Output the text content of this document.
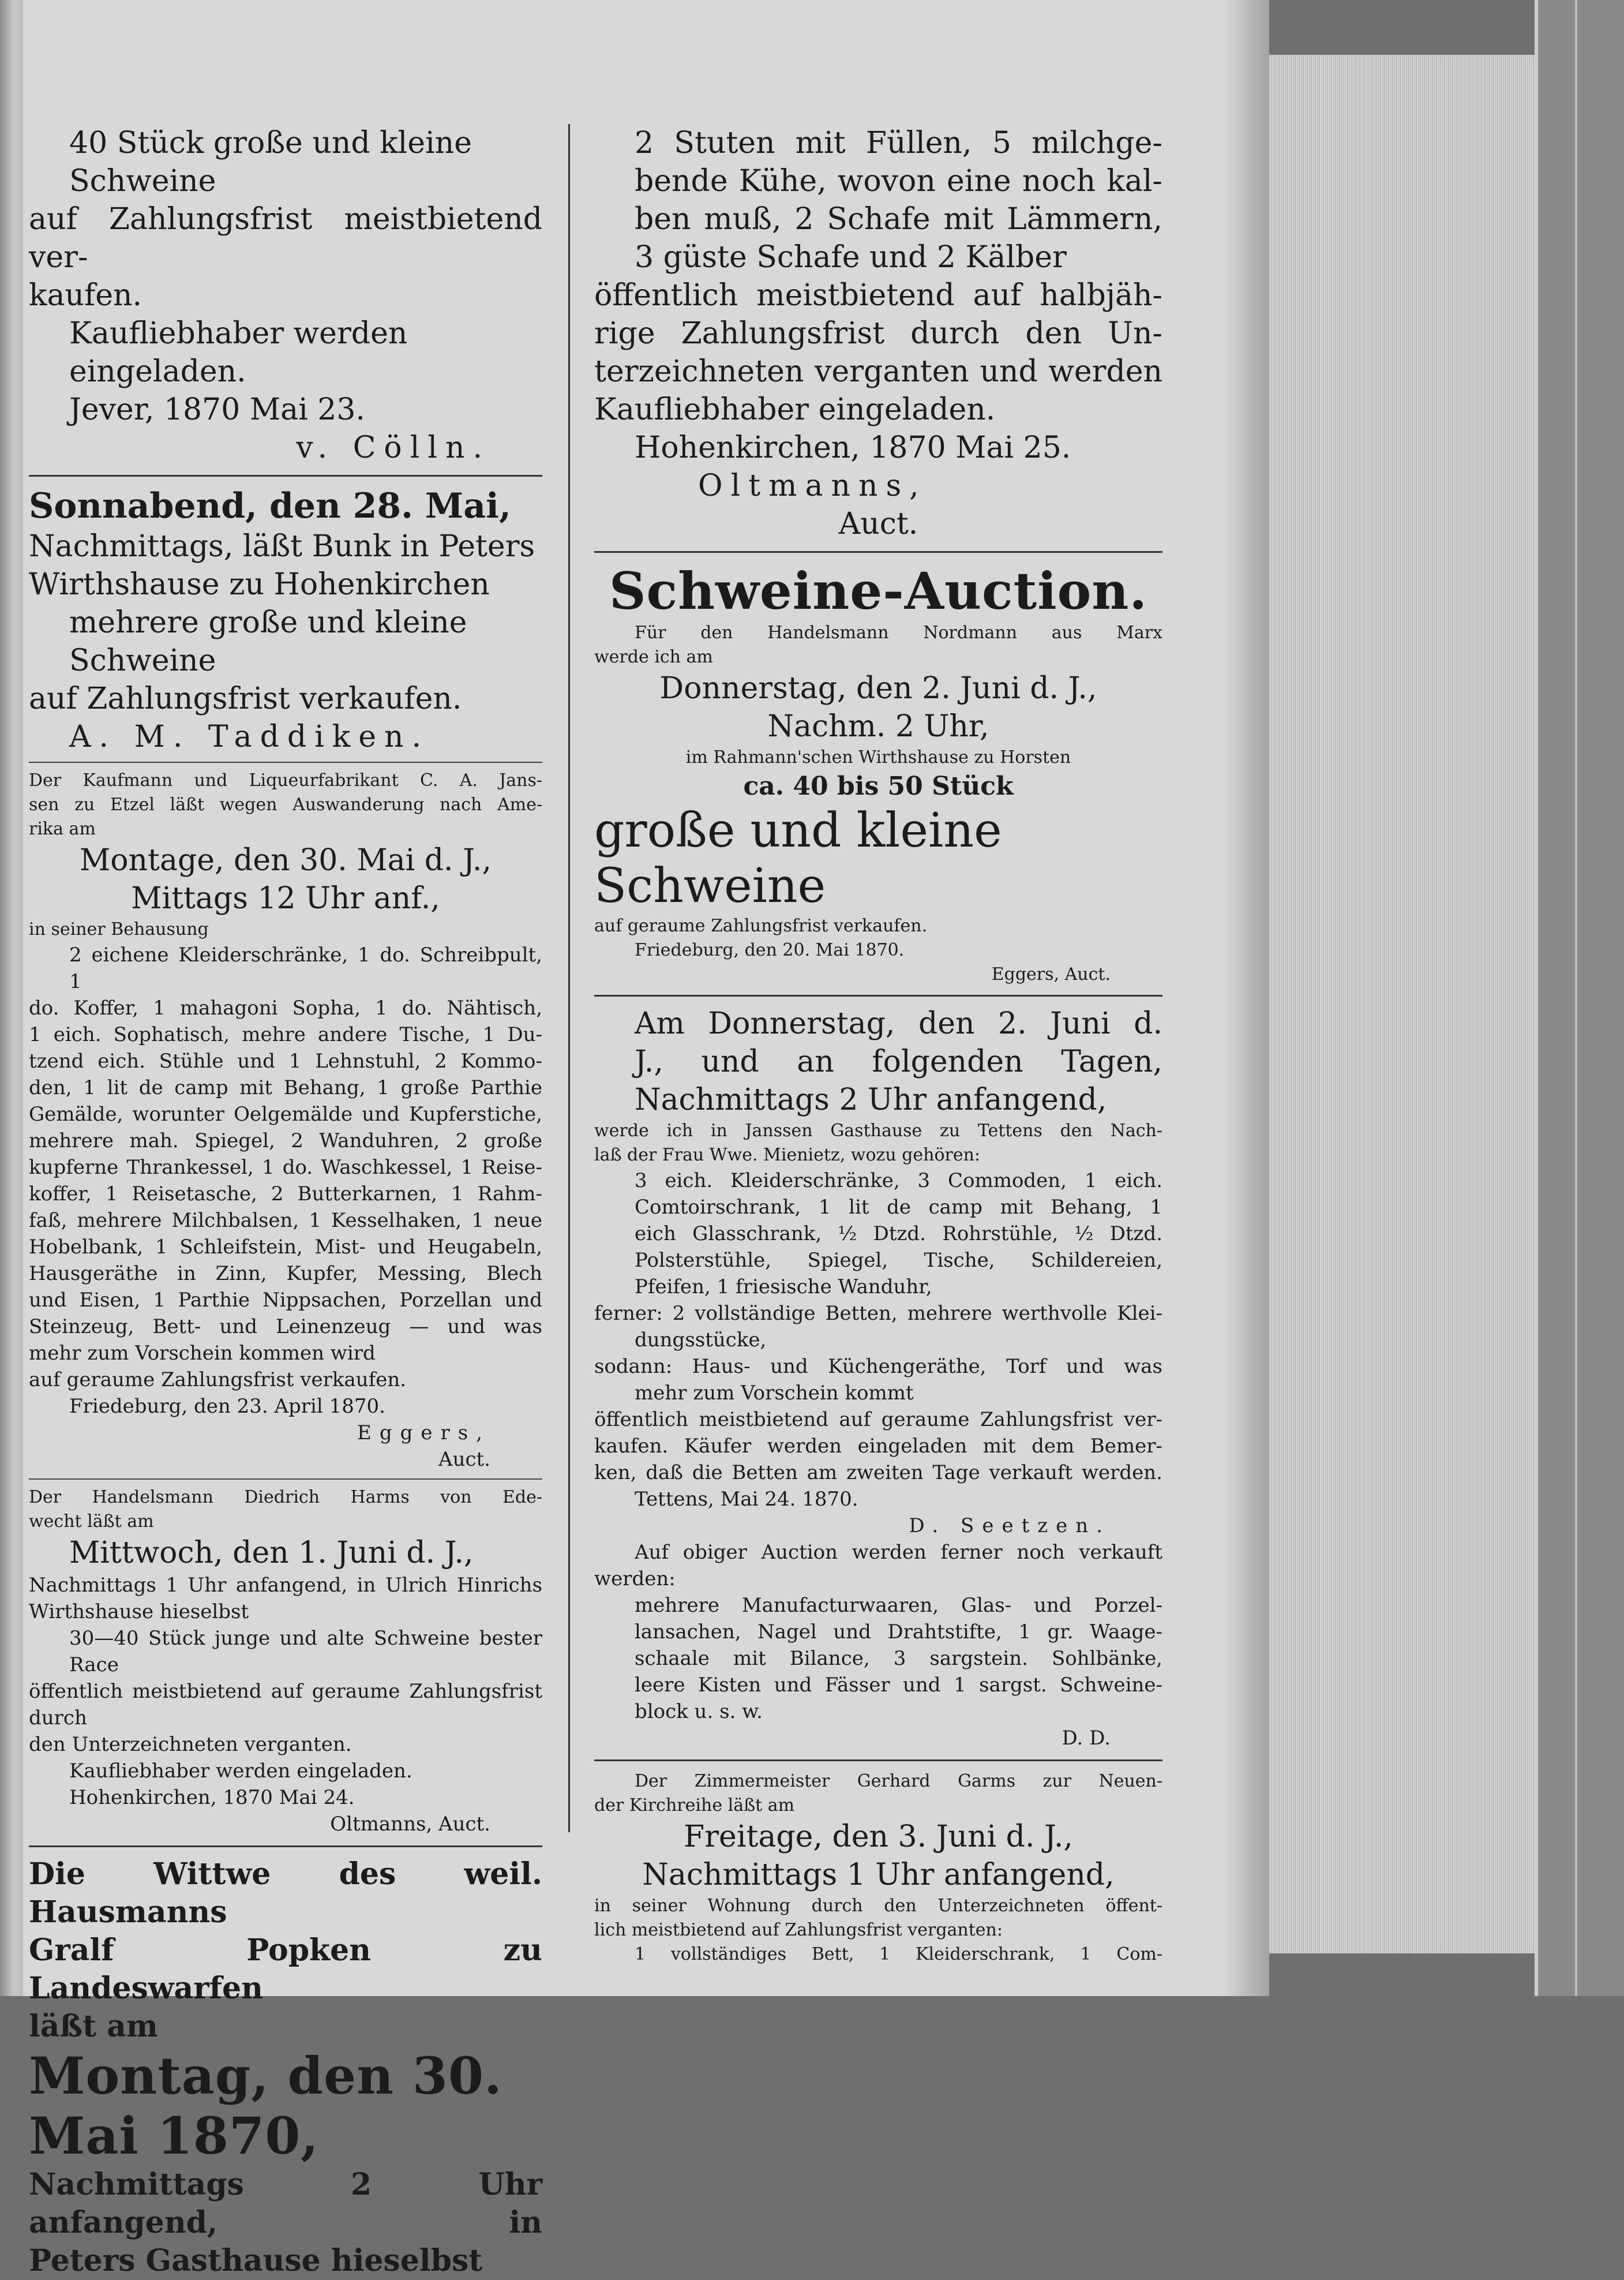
40 Stück große und kleine

Schweine

auf Zahlungsfrist meistbietend ver-

kaufen.

Kaufliebhaber werden eingeladen.

Jever, 1870 Mai 23.

v. Cölln.

Sonnabend, den 28. Mai,

Nachmittags, läßt Bunk in Peters

Wirthshause zu Hohenkirchen

mehrere große und kleine Schweine

auf Zahlungsfrist verkaufen.

A. M. Taddiken.

Der Kaufmann und Liqueurfabrikant C. A. Jans-

sen zu Etzel läßt wegen Auswanderung nach Ame-

rika am

Montage, den 30. Mai d. J.,

Mittags 12 Uhr anf.,

in seiner Behausung

2 eichene Kleiderschränke, 1 do. Schreibpult, 1

do. Koffer, 1 mahagoni Sopha, 1 do. Nähtisch,

1 eich. Sophatisch, mehre andere Tische, 1 Du-

tzend eich. Stühle und 1 Lehnstuhl, 2 Kommo-

den, 1 lit de camp mit Behang, 1 große Parthie

Gemälde, worunter Oelgemälde und Kupferstiche,

mehrere mah. Spiegel, 2 Wanduhren, 2 große

kupferne Thrankessel, 1 do. Waschkessel, 1 Reise-

koffer, 1 Reisetasche, 2 Butterkarnen, 1 Rahm-

faß, mehrere Milchbalsen, 1 Kesselhaken, 1 neue

Hobelbank, 1 Schleifstein, Mist- und Heugabeln,

Hausgeräthe in Zinn, Kupfer, Messing, Blech

und Eisen, 1 Parthie Nippsachen, Porzellan und

Steinzeug, Bett- und Leinenzeug — und was

mehr zum Vorschein kommen wird

auf geraume Zahlungsfrist verkaufen.

Friedeburg, den 23. April 1870.

Eggers,

Auct.

Der Handelsmann Diedrich Harms von Ede-

wecht läßt am

Mittwoch, den 1. Juni d. J.,

Nachmittags 1 Uhr anfangend, in Ulrich Hinrichs

Wirthshause hieselbst

30—40 Stück junge und alte Schweine bester

Race

öffentlich meistbietend auf geraume Zahlungsfrist durch

den Unterzeichneten verganten.

Kaufliebhaber werden eingeladen.

Hohenkirchen, 1870 Mai 24.

Oltmanns, Auct.

Die Wittwe des weil. Hausmanns

Gralf Popken zu Landeswarfen

läßt am

Montag, den 30. Mai 1870,

Nachmittags 2 Uhr anfangend, in

Peters Gasthause hieselbst

2 Stuten mit Füllen, 5 milchge-

bende Kühe, wovon eine noch kal-

ben muß, 2 Schafe mit Lämmern,

3 güste Schafe und 2 Kälber

öffentlich meistbietend auf halbjäh-

rige Zahlungsfrist durch den Un-

terzeichneten verganten und werden

Kaufliebhaber eingeladen.

Hohenkirchen, 1870 Mai 25.

Oltmanns,

Auct.

Schweine-Auction.

Für den Handelsmann Nordmann aus Marx

werde ich am

Donnerstag, den 2. Juni d. J.,

Nachm. 2 Uhr,

im Rahmann'schen Wirthshause zu Horsten

ca. 40 bis 50 Stück

große und kleine Schweine

auf geraume Zahlungsfrist verkaufen.

Friedeburg, den 20. Mai 1870.

Eggers, Auct.

Am Donnerstag, den 2. Juni d.

J., und an folgenden Tagen,

Nachmittags 2 Uhr anfangend,

werde ich in Janssen Gasthause zu Tettens den Nach-

laß der Frau Wwe. Mienietz, wozu gehören:

3 eich. Kleiderschränke, 3 Commoden, 1 eich.

Comtoirschrank, 1 lit de camp mit Behang, 1

eich Glasschrank, ½ Dtzd. Rohrstühle, ½ Dtzd.

Polsterstühle, Spiegel, Tische, Schildereien,

Pfeifen, 1 friesische Wanduhr,

ferner: 2 vollständige Betten, mehrere werthvolle Klei-

dungsstücke,

sodann: Haus- und Küchengeräthe, Torf und was

mehr zum Vorschein kommt

öffentlich meistbietend auf geraume Zahlungsfrist ver-

kaufen. Käufer werden eingeladen mit dem Bemer-

ken, daß die Betten am zweiten Tage verkauft werden.

Tettens, Mai 24. 1870.

D. Seetzen.

Auf obiger Auction werden ferner noch verkauft

werden:

mehrere Manufacturwaaren, Glas- und Porzel-

lansachen, Nagel und Drahtstifte, 1 gr. Waage-

schaale mit Bilance, 3 sargstein. Sohlbänke,

leere Kisten und Fässer und 1 sargst. Schweine-

block u. s. w.

D. D.

Der Zimmermeister Gerhard Garms zur Neuen-

der Kirchreihe läßt am

Freitage, den 3. Juni d. J.,

Nachmittags 1 Uhr anfangend,

in seiner Wohnung durch den Unterzeichneten öffent-

lich meistbietend auf Zahlungsfrist verganten:

1 vollständiges Bett, 1 Kleiderschrank, 1 Com-
